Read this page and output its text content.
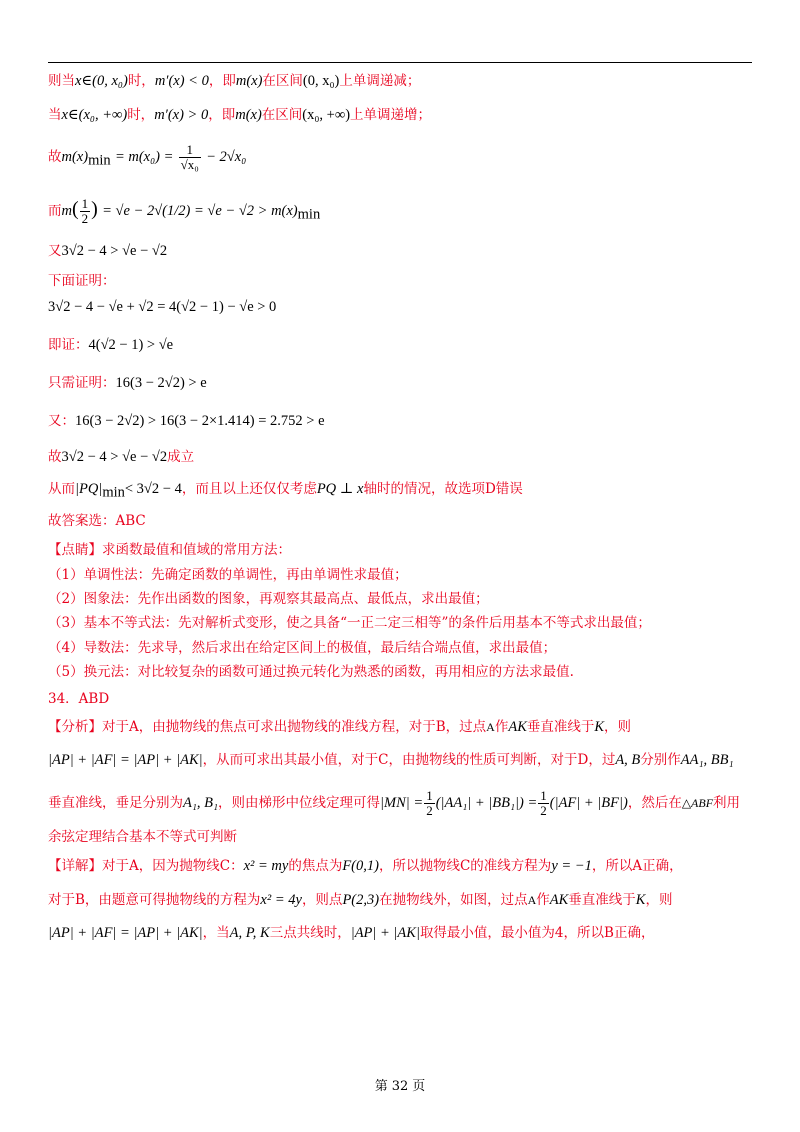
则当x∈(0, x₀)时，m′(x) < 0，即m(x)在区间(0, x₀)上单调递减；
当x∈(x₀, +∞)时，m′(x) > 0，即m(x)在区间(x₀, +∞)上单调递增；
故$m(x)_{min} = m(x_0) = \frac{1}{\text{√x₀}} - 2√x_0$
而$m( \frac{1}{2}$ ) = $√e - 2√(1/2) = √e - √2 > m(x)_{min}$
又3√2 − 4 > √e − √2
下面证明：
3√2 − 4 − √e + √2 = 4(√2 − 1) − √e > 0
即证：4(√2 − 1) > √e
只需证明：16(3 − 2√2) > e
又：16(3 − 2√2) > 16(3 − 2×1.414) = 2.752 > e
故3√2 − 4 > √e − √2成立
从而$|PQ|_{min}< 3√2 - 4$，而且以上还仅仅考虑PQ ⊥ x轴时的情况，故选项D错误
故答案选：ABC
【点睛】求函数最值和值域的常用方法：
（1）单调性法：先确定函数的单调性，再由单调性求最值；
（2）图象法：先作出函数的图象，再观察其最高点、最低点，求出最值；
（3）基本不等式法：先对解析式变形，使之具备“一正二定三相等”的条件后用基本不等式求出最值；
（4）导数法：先求导，然后求出在给定区间上的极值，最后结合端点值，求出最值；
（5）换元法：对比较复杂的函数可通过换元转化为熟悉的函数，再用相应的方法求最值.
34．ABD
【分析】对于A，由抛物线的焦点可求出抛物线的准线方程，对于B，过点A作AK垂直准线于K，则
|AP| + |AF| = |AP| + |AK|，从而可求出其最小值，对于C，由抛物线的性质可判断，对于D，过A, B分别作AA₁, BB₁
垂直准线，垂足分别为A₁, B₁，则由梯形中位线定理可得$|MN| = \frac{1}{2} (|AA_1| + |BB_1|) = \frac{1}{2} (|AF| + |BF|)$，然后在△ABF利用
余弦定理结合基本不等式可判断
【详解】对于A，因为抛物线C：x² = my的焦点为F(0,1)，所以抛物线C的准线方程为y = −1，所以A正确，
对于B，由题意可得抛物线的方程为x² = 4y，则点P(2,3)在抛物线外，如图，过点A作AK垂直准线于K，则
|AP| + |AF| = |AP| + |AK|，当A, P, K三点共线时，|AP| + |AK|取得最小值，最小值为4，所以B正确，
第 32 页
